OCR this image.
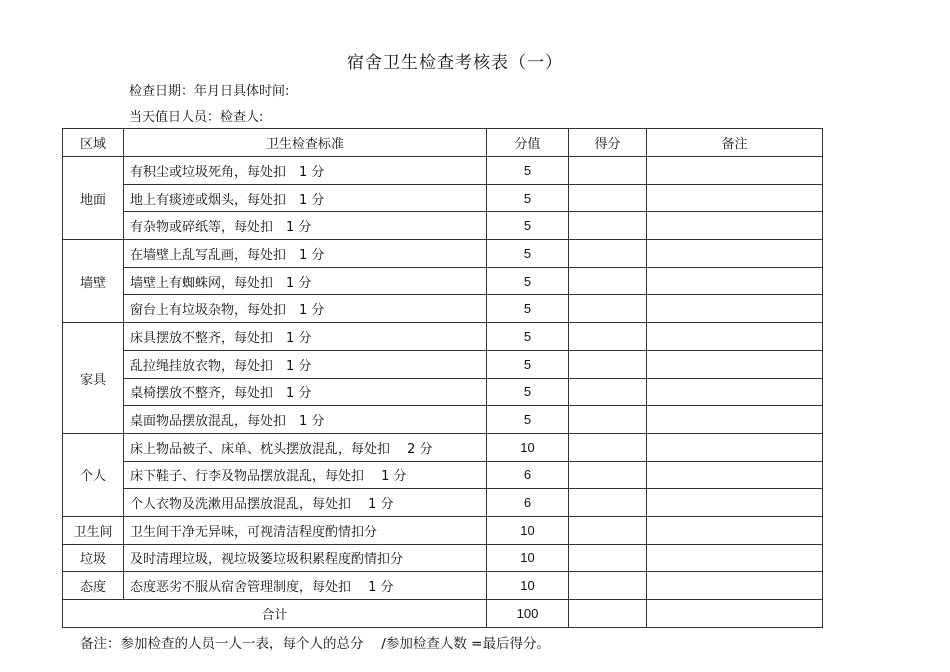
宿舍卫生检查考核表（一）
检查日期：年月日具体时间:
当天值日人员：检查人:
区域	卫生检查标准	分值	得分	备注
地面	有积尘或垃圾死角，每处扣　1 分	5		
	地上有痰迹或烟头，每处扣　1 分	5		
	有杂物或碎纸等，每处扣　1 分	5		
墙壁	在墙壁上乱写乱画，每处扣　1 分	5		
	墙壁上有蜘蛛网，每处扣　1 分	5		
	窗台上有垃圾杂物，每处扣　1 分	5		
家具	床具摆放不整齐，每处扣　1 分	5		
	乱拉绳挂放衣物，每处扣　1 分	5		
	桌椅摆放不整齐，每处扣　1 分	5		
	桌面物品摆放混乱，每处扣　1 分	5		
个人	床上物品被子、床单、枕头摆放混乱，每处扣　 2 分	10		
	床下鞋子、行李及物品摆放混乱，每处扣　 1 分	6		
	个人衣物及洗漱用品摆放混乱，每处扣　 1 分	6		
卫生间	卫生间干净无异味，可视清洁程度酌情扣分	10		
垃圾	及时清理垃圾，视垃圾篓垃圾积累程度酌情扣分	10		
态度	态度恶劣不服从宿舍管理制度，每处扣　 1 分	10		
合计		100		
备注：参加检查的人员一人一表，每个人的总分　 /参加检查人数 =最后得分。
